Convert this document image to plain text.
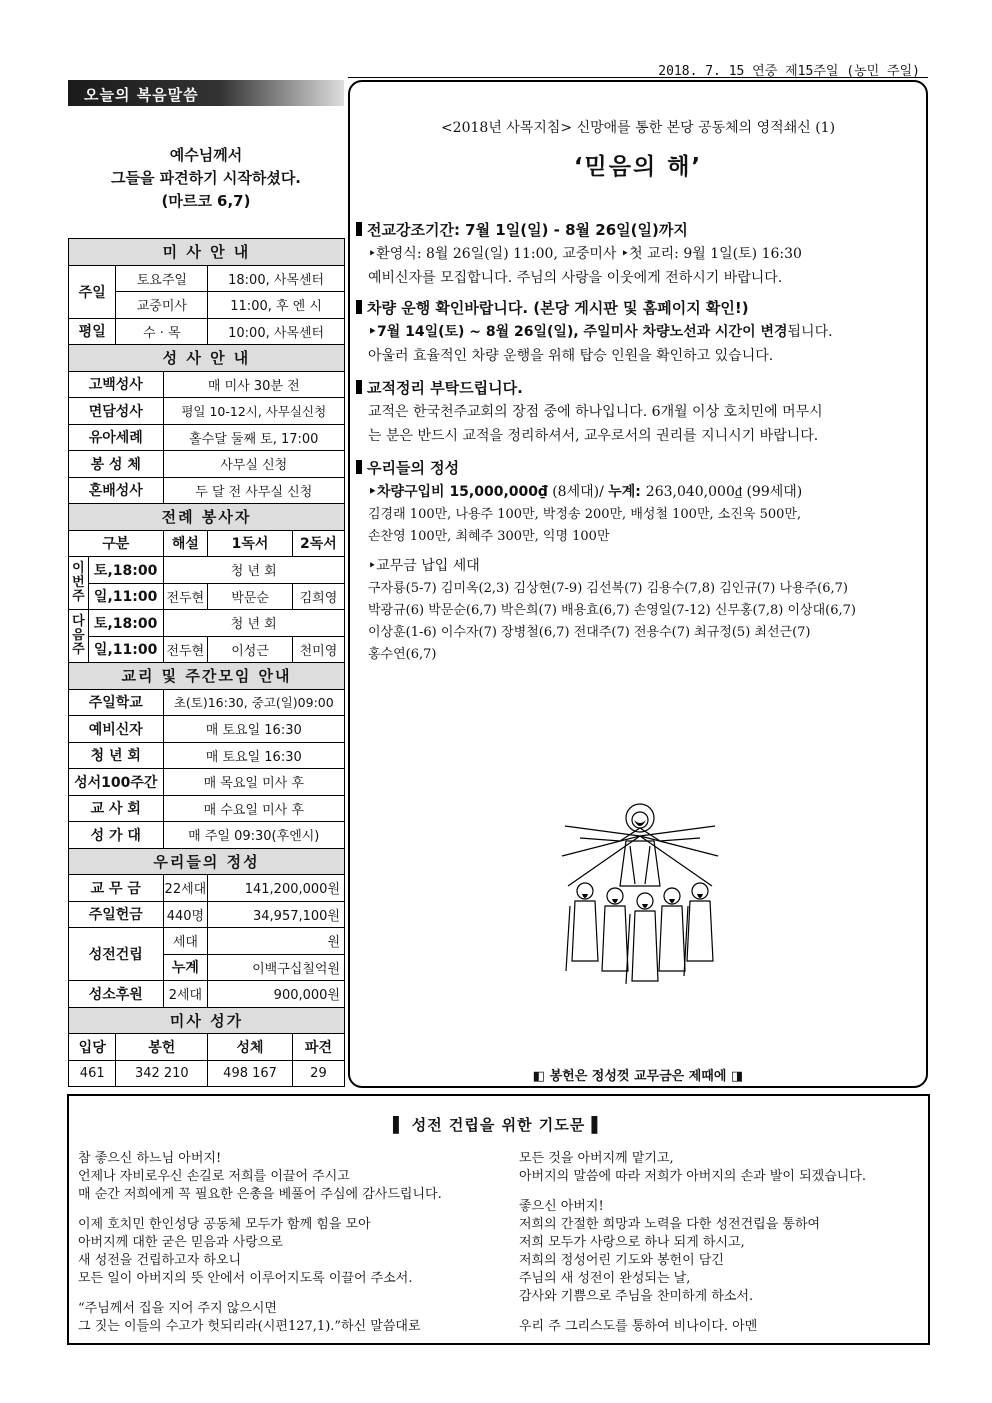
2018. 7. 15 연중 제15주일 (농민 주일)
오늘의 복음말씀
예수님께서
그들을 파견하기 시작하셨다.
(마르코 6,7)
미 사 안 내					
주일		토요주일		18:00, 사목센터	
		교중미사		11:00, 후 엔 시	
평일		수 · 목		10:00, 사목센터	
성 사 안 내					
고백성사			매 미사 30분 전		
면담성사			평일 10-12시, 사무실신청		
유아세례			홀수달 둘째 토, 17:00		
봉 성 체			사무실 신청		
혼배성사			두 달 전 사무실 신청		
전례 봉사자					
구분			해설	1독서	2독서
이번주	토,18:00		청 년 회		
	일,11:00		전두현	박문순	김희영
다음주	토,18:00		청 년 회		
	일,11:00		전두현	이성근	천미영
교리 및 주간모임 안내					
주일학교			초(토)16:30, 중고(일)09:00		
예비신자			매 토요일 16:30		
청 년 회			매 토요일 16:30		
성서100주간			매 목요일 미사 후		
교 사 회			매 수요일 미사 후		
성 가 대			매 주일 09:30(후엔시)		
우리들의 정성					
교 무 금			22세대	141,200,000원	
주일헌금			440명	34,957,100원	
성전건립			세대	원	
			누계	이백구십칠억원	
성소후원			2세대	900,000원	
미사 성가					
입당		봉헌		성체	파견
461		342 210		498 167	29
<2018년 사목지침> 신망애를 통한 본당 공동체의 영적쇄신 (1)
‘믿음의 해’
전교강조기간: 7월 1일(일) - 8월 26일(일)까지

‣환영식: 8월 26일(일) 11:00, 교중미사 ‣첫 교리: 9월 1일(토) 16:30

예비신자를 모집합니다. 주님의 사랑을 이웃에게 전하시기 바랍니다.

차량 운행 확인바랍니다. (본당 게시판 및 홈페이지 확인!)

‣7월 14일(토) ~ 8월 26일(일), 주일미사 차량노선과 시간이 변경됩니다.

아울러 효율적인 차량 운행을 위해 탑승 인원을 확인하고 있습니다.

교적정리 부탁드립니다.

교적은 한국천주교회의 장점 중에 하나입니다. 6개월 이상 호치민에 머무시

는 분은 반드시 교적을 정리하셔서, 교우로서의 권리를 지니시기 바랍니다.

우리들의 정성

‣차량구입비 15,000,000₫ (8세대)/ 누계: 263,040,000₫ (99세대)

김경래 100만, 나용주 100만, 박정송 200만, 배성철 100만, 소진욱 500만,

손찬영 100만, 최혜주 300만, 익명 100만

‣교무금 납입 세대

구자룡(5-7) 김미옥(2,3) 김상현(7-9) 김선복(7) 김용수(7,8) 김인규(7) 나용주(6,7)

박광규(6) 박문순(6,7) 박은희(7) 배용효(6,7) 손영일(7-12) 신무홍(7,8) 이상대(6,7)

이상훈(1-6) 이수자(7) 장병철(6,7) 전대주(7) 전용수(7) 최규정(5) 최선근(7)

홍수연(6,7)

◧ 봉헌은 정성껏 교무금은 제때에 ◨
▌ 성전 건립을 위한 기도문 ▌
참 좋으신 하느님 아버지!
언제나 자비로우신 손길로 저희를 이끌어 주시고
매 순간 저희에게 꼭 필요한 은총을 베풀어 주심에 감사드립니다.
이제 호치민 한인성당 공동체 모두가 함께 힘을 모아
아버지께 대한 굳은 믿음과 사랑으로
새 성전을 건립하고자 하오니
모든 일이 아버지의 뜻 안에서 이루어지도록 이끌어 주소서.
“주님께서 집을 지어 주지 않으시면
그 짓는 이들의 수고가 헛되리라(시편127,1).”하신 말씀대로
모든 것을 아버지께 맡기고,
아버지의 말씀에 따라 저희가 아버지의 손과 발이 되겠습니다.
좋으신 아버지!
저희의 간절한 희망과 노력을 다한 성전건립을 통하여
저희 모두가 사랑으로 하나 되게 하시고,
저희의 정성어린 기도와 봉헌이 담긴
주님의 새 성전이 완성되는 날,
감사와 기쁨으로 주님을 찬미하게 하소서.
우리 주 그리스도를 통하여 비나이다. 아멘
